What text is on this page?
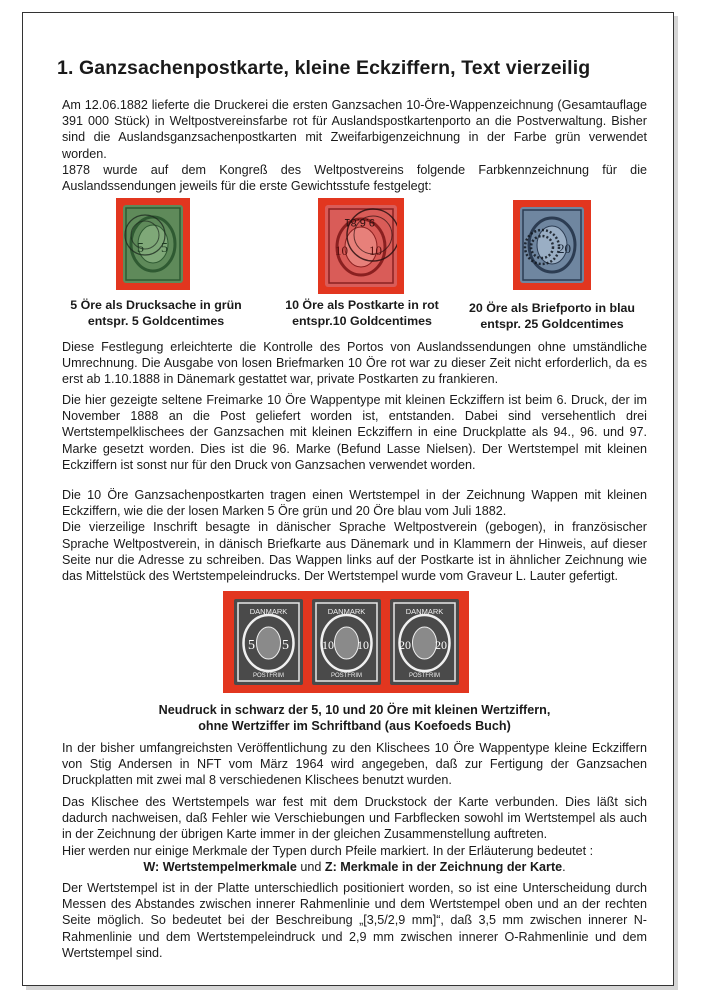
1. Ganzsachenpostkarte, kleine Eckziffern, Text vierzeilig

Am 12.06.1882 lieferte die Druckerei die ersten Ganzsachen 10-Öre-Wappenzeichnung (Gesamtauflage 391 000 Stück) in Weltpostvereinsfarbe rot für Auslandspostkartenporto an die Postverwaltung. Bisher sind die Auslandsganzsachenpostkarten mit Zweifarbigenzeichnung in der Farbe grün verwendet worden.

1878 wurde auf dem Kongreß des Weltpostvereins folgende Farbkennzeichnung für die Auslandssendungen jeweils für die erste Gewichtsstufe festgelegt:

5 5
5 Öre als Drucksache in grün
entspr. 5 Goldcentimes
9.6.81
10 10
10 Öre als Postkarte in rot
entspr.10 Goldcentimes
20
20 Öre als Briefporto in blau
entspr. 25 Goldcentimes
Diese Festlegung erleichterte die Kontrolle des Portos von Auslandssendungen ohne umständliche Umrechnung. Die Ausgabe von losen Briefmarken 10 Öre rot war zu dieser Zeit nicht erforderlich, da es erst ab 1.10.1888 in Dänemark gestattet war, private Postkarten zu frankieren.
Die hier gezeigte seltene Freimarke 10 Öre Wappentype mit kleinen Eckziffern ist beim 6. Druck, der im November 1888 an die Post geliefert worden ist, entstanden. Dabei sind versehentlich drei Wertstempelklischees der Ganzsachen mit kleinen Eckziffern in eine Druckplatte als 94., 96. und 97. Marke gesetzt worden. Dies ist die 96. Marke (Befund Lasse Nielsen). Der Wertstempel mit kleinen Eckziffern ist sonst nur für den Druck von Ganzsachen verwendet worden.

Die 10 Öre Ganzsachenpostkarten tragen einen Wertstempel in der Zeichnung Wappen mit kleinen Eckziffern, wie die der losen Marken 5 Öre grün und 20 Öre blau vom Juli 1882.

Die vierzeilige Inschrift besagte in dänischer Sprache Weltpostverein (gebogen), in französischer Sprache Weltpostverein, in dänisch Briefkarte aus Dänemark und in Klammern der Hinweis, auf dieser Seite nur die Adresse zu schreiben. Das Wappen links auf der Postkarte ist in ähnlicher Zeichnung wie das Mittelstück des Wertstempeleindrucks. Der Wertstempel wurde vom Graveur L. Lauter gefertigt.

DANMARK
5 5
POSTFRIM
DANMARK
10 10
POSTFRIM
DANMARK
20 20
POSTFRIM
Neudruck in schwarz der 5, 10 und 20 Öre mit kleinen Wertziffern,
ohne Wertziffer im Schriftband (aus Koefoeds Buch)
In der bisher umfangreichsten Veröffentlichung zu den Klischees 10 Öre Wappentype kleine Eckziffern von Stig Andersen in NFT vom März 1964 wird angegeben, daß zur Fertigung der Ganzsachen Druckplatten mit zwei mal 8 verschiedenen Klischees benutzt wurden.
Das Klischee des Wertstempels war fest mit dem Druckstock der Karte verbunden. Dies läßt sich dadurch nachweisen, daß Fehler wie Verschiebungen und Farbflecken sowohl im Wertstempel als auch in der Zeichnung der übrigen Karte immer in der gleichen Zusammenstellung auftreten.
Hier werden nur einige Merkmale der Typen durch Pfeile markiert. In der Erläuterung bedeutet :
W: Wertstempelmerkmale und Z: Merkmale in der Zeichnung der Karte.
Der Wertstempel ist in der Platte unterschiedlich positioniert worden, so ist eine Unterscheidung durch Messen des Abstandes zwischen innerer Rahmenlinie und dem Wertstempel oben und an der rechten Seite möglich. So bedeutet bei der Beschreibung „[3,5/2,9 mm]“, daß 3,5 mm zwischen innerer N-Rahmenlinie und dem Wertstempeleindruck und 2,9 mm zwischen innerer O-Rahmenlinie und dem Wertstempel sind.
